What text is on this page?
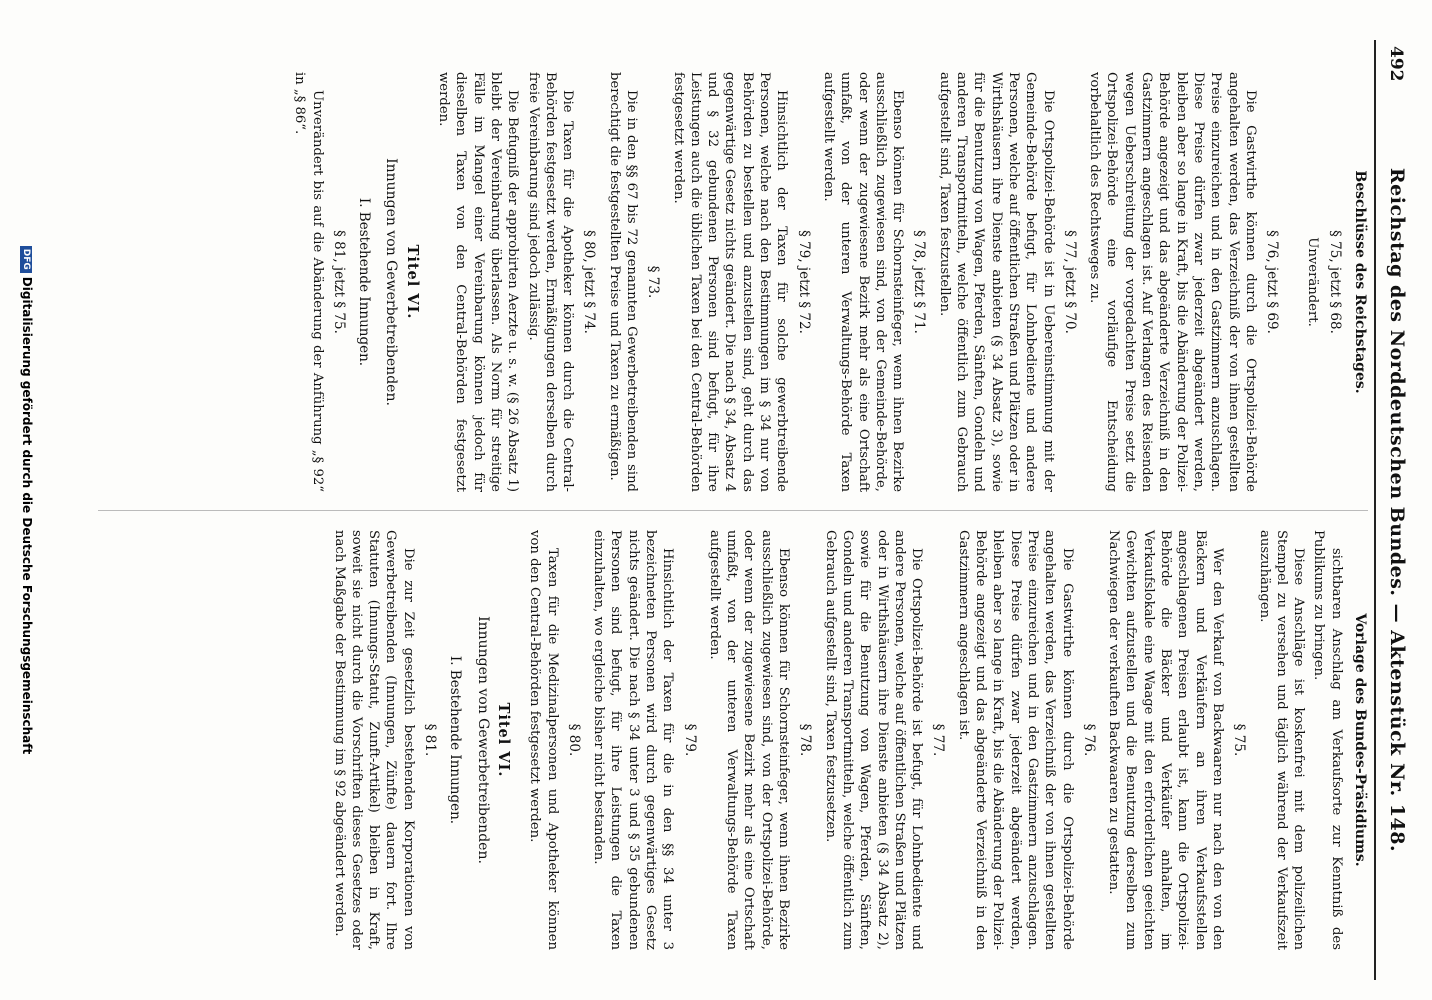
492
Reichstag des Norddeutschen Bundes. — Aktenstück Nr. 148.
Vorlage des Bundes-Präsidiums.

sichtbaren Anschlag am Verkaufsorte zur Kenntniß des Publikums zu bringen.

Diese Anschläge ist koskenfrei mit dem polizeilichen Stempel zu versehen und täglich während der Verkaufszeit auszuhängen.

§ 75.

Wer den Verkauf von Backwaaren nur nach den von den Bäckern und Verkäufern an ihren Verkaufsstellen angeschlagenen Preisen erlaubt ist, kann die Ortspolizei-Behörde die Bäcker und Verkäufer anhalten, im Verkaufslokale eine Waage mit den erforderlichen geeichten Gewichten aufzustellen und die Benutzung derselben zum Nachwiegen der verkauften Backwaaren zu gestatten.

§ 76.

Die Gastwirthe können durch die Ortspolizei-Behörde angehalten werden, das Verzeichniß der von ihnen gestellten Preise einzureichen und in den Gastzimmern anzuschlagen. Diese Preise dürfen zwar jederzeit abgeändert werden, bleiben aber so lange in Kraft, bis die Abänderung der Polizei-Behörde angezeigt und das abgeänderte Verzeichniß in den Gastzimmern angeschlagen ist.

§ 77.

Die Ortspolizei-Behörde ist befugt, für Lohnbediente und andere Personen, welche auf öffentlichen Straßen und Plätzen oder in Wirthshäusern ihre Dienste anbieten (§ 34 Absatz 2), sowie für die Benutzung von Wagen, Pferden, Sänften, Gondeln und anderen Transportmitteln, welche öffentlich zum Gebrauch aufgestellt sind, Taxen festzusetzen.

§ 78.

Ebenso können für Schornsteinfeger, wenn ihnen Bezirke ausschließlich zugewiesen sind, von der Ortspolizei-Behörde, oder wenn der zugewiesene Bezirk mehr als eine Ortschaft umfaßt, von der unteren Verwaltungs-Behörde Taxen aufgestellt werden.

§ 79.

Hinsichtlich der Taxen für die in den §§ 34 unter 3 bezeichneten Personen wird durch gegenwärtiges Gesetz nichts geändert. Die nach § 34 unter 3 und § 35 gebundenen Personen sind befugt, für ihre Leistungen die Taxen einzuhalten, wo ergleiche bisher nicht bestanden.

§ 80.

Taxen für die Medizinalpersonen und Apotheker können von den Central-Behörden festgesetzt werden.

Titel VI.
Innungen von Gewerbetreibenden.
I. Bestehende Innungen.
§ 81.

Die zur Zeit gesetzlich bestehenden Korporationen von Gewerbetreibenden (Innungen, Zünfte) dauern fort. Ihre Statuten (Innungs-Statut, Zunft-Artikel) bleiben in Kraft, soweit sie nicht durch die Vorschriften dieses Gesetzes oder nach Maßgabe der Bestimmung im § 92 abgeändert werden.

Beschlüsse des Reichstages.
§ 75, jetzt § 68.
Unverändert.
§ 76, jetzt § 69.

Die Gastwirthe können durch die Ortspolizei-Behörde angehalten werden, das Verzeichniß der von ihnen gestellten Preise einzureichen und in den Gastzimmern anzuschlagen. Diese Preise dürfen zwar jederzeit abgeändert werden, bleiben aber so lange in Kraft, bis die Abänderung der Polizei-Behörde angezeigt und das abgeänderte Verzeichniß in den Gastzimmern angeschlagen ist. Auf Verlangen des Reisenden wegen Ueberschreitung der vorgedachten Preise setzt die Ortspolizei-Behörde eine vorläufige Entscheidung vorbehaltlich des Rechtsweges zu.

§ 77, jetzt § 70.

Die Ortspolizei-Behörde ist in Uebereinstimmung mit der Gemeinde-Behörde befugt, für Lohnbediente und andere Personen, welche auf öffentlichen Straßen und Plätzen oder in Wirthshäusern ihre Dienste anbieten (§ 34 Absatz 3), sowie für die Benutzung von Wagen, Pferden, Sänften, Gondeln und anderen Transportmitteln, welche öffentlich zum Gebrauch aufgestellt sind, Taxen festzustellen.

§ 78, jetzt § 71.

Ebenso können für Schornsteinfeger, wenn ihnen Bezirke ausschließlich zugewiesen sind, von der Gemeinde-Behörde, oder wenn der zugewiesene Bezirk mehr als eine Ortschaft umfaßt, von der unteren Verwaltungs-Behörde Taxen aufgestellt werden.

§ 79, jetzt § 72.

Hinsichtlich der Taxen für solche gewerbtreibende Personen, welche nach den Bestimmungen im § 34 nur von Behörden zu bestellen und anzustellen sind, geht durch das gegenwärtige Gesetz nichts geändert. Die nach § 34, Absatz 4 und § 32 gebundenen Personen sind befugt, für ihre Leistungen auch die üblichen Taxen bei den Central-Behörden festgesetzt werden.

§ 73.

Die in den §§ 67 bis 72 genannten Gewerbetreibenden sind berechtigt die festgestellten Preise und Taxen zu ermäßigen.

§ 80, jetzt § 74.

Die Taxen für die Apotheker können durch die Central-Behörden festgesetzt werden, Ermäßigungen derselben durch freie Vereinbarung sind jedoch zulässig.

Die Befugniß der approbirten Aerzte u. s. w. (§ 26 Absatz 1) bleibt der Vereinbarung überlassen. Als Norm für streitige Fälle im Mangel einer Vereinbarung können jedoch für dieselben Taxen von den Central-Behörden festgesetzt werden.

Titel VI.
Innungen von Gewerbetreibenden.
I. Bestehende Innungen.
§ 81, jetzt § 75.

Unverändert bis auf die Abänderung der Anführung „§ 92“ in „§ 86“.

DFGDigitalisierung gefördert durch die Deutsche Forschungsgemeinschaft
